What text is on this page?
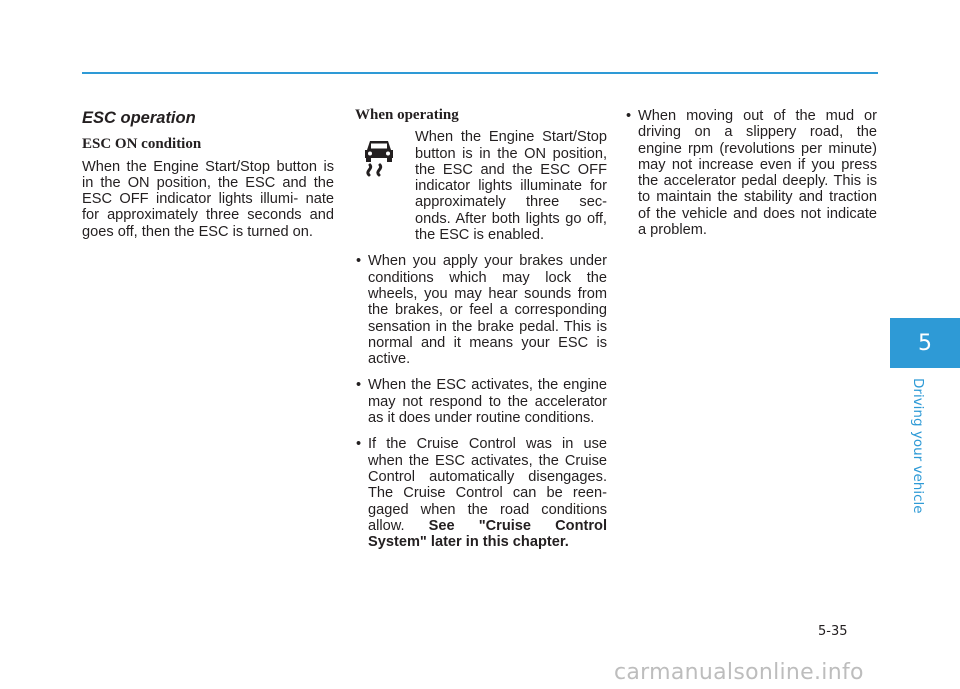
ESC operation
ESC ON condition

When the Engine Start/Stop button is in the ON position, the ESC and the ESC OFF indicator lights illumi- nate for approximately three seconds and goes off, then the ESC is turned on.

When operating

When the Engine Start/Stop button is in the ON position, the ESC and the ESC OFF indicator lights illuminate for approximately three sec- onds. After both lights go off, the ESC is enabled.

• When you apply your brakes under conditions which may lock the wheels, you may hear sounds from the brakes, or feel a corresponding sensation in the brake pedal. This is normal and it means your ESC is active.

• When the ESC activates, the engine may not respond to the accelerator as it does under routine conditions.

• If the Cruise Control was in use when the ESC activates, the Cruise Control automatically disengages. The Cruise Control can be reen- gaged when the road conditions allow. See "Cruise Control System" later in this chapter.

• When moving out of the mud or driving on a slippery road, the engine rpm (revolutions per minute) may not increase even if you press the accelerator pedal deeply. This is to maintain the stability and traction of the vehicle and does not indicate a problem.

5
Driving your vehicle
5-35
carmanualsonline.info
